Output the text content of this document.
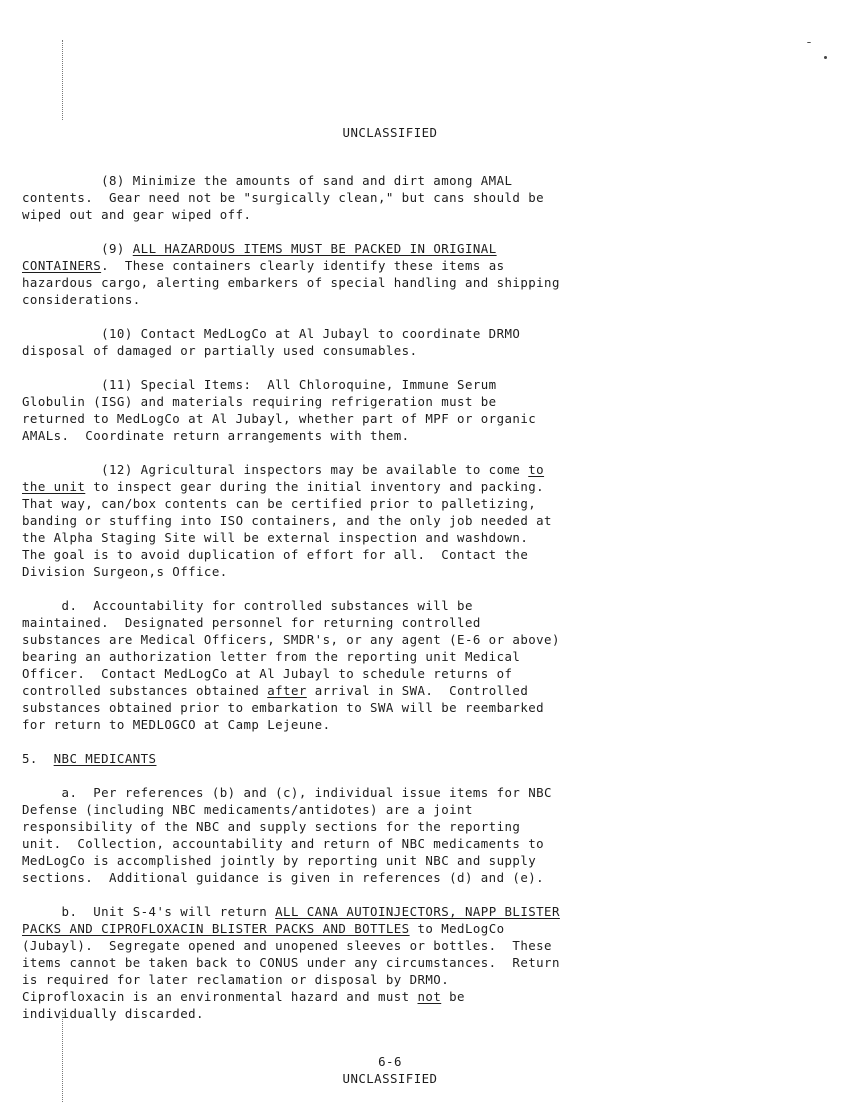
UNCLASSIFIED
(8) Minimize the amounts of sand and dirt among AMAL
contents.  Gear need not be "surgically clean," but cans should be
wiped out and gear wiped off.
(9) ALL HAZARDOUS ITEMS MUST BE PACKED IN ORIGINAL
CONTAINERS.  These containers clearly identify these items as
hazardous cargo, alerting embarkers of special handling and shipping
considerations.
(10) Contact MedLogCo at Al Jubayl to coordinate DRMO
disposal of damaged or partially used consumables.
(11) Special Items:  All Chloroquine, Immune Serum
Globulin (ISG) and materials requiring refrigeration must be
returned to MedLogCo at Al Jubayl, whether part of MPF or organic
AMALs.  Coordinate return arrangements with them.
(12) Agricultural inspectors may be available to come to
the unit to inspect gear during the initial inventory and packing.
That way, can/box contents can be certified prior to palletizing,
banding or stuffing into ISO containers, and the only job needed at
the Alpha Staging Site will be external inspection and washdown.
The goal is to avoid duplication of effort for all.  Contact the
Division Surgeon,s Office.
d.  Accountability for controlled substances will be
maintained.  Designated personnel for returning controlled
substances are Medical Officers, SMDR's, or any agent (E-6 or above)
bearing an authorization letter from the reporting unit Medical
Officer.  Contact MedLogCo at Al Jubayl to schedule returns of
controlled substances obtained after arrival in SWA.  Controlled
substances obtained prior to embarkation to SWA will be reembarked
for return to MEDLOGCO at Camp Lejeune.
5.  NBC MEDICANTS
a.  Per references (b) and (c), individual issue items for NBC
Defense (including NBC medicaments/antidotes) are a joint
responsibility of the NBC and supply sections for the reporting
unit.  Collection, accountability and return of NBC medicaments to
MedLogCo is accomplished jointly by reporting unit NBC and supply
sections.  Additional guidance is given in references (d) and (e).
b.  Unit S-4's will return ALL CANA AUTOINJECTORS, NAPP BLISTER
PACKS AND CIPROFLOXACIN BLISTER PACKS AND BOTTLES to MedLogCo
(Jubayl).  Segregate opened and unopened sleeves or bottles.  These
items cannot be taken back to CONUS under any circumstances.  Return
is required for later reclamation or disposal by DRMO.
Ciprofloxacin is an environmental hazard and must not be
individually discarded.
6-6
UNCLASSIFIED
